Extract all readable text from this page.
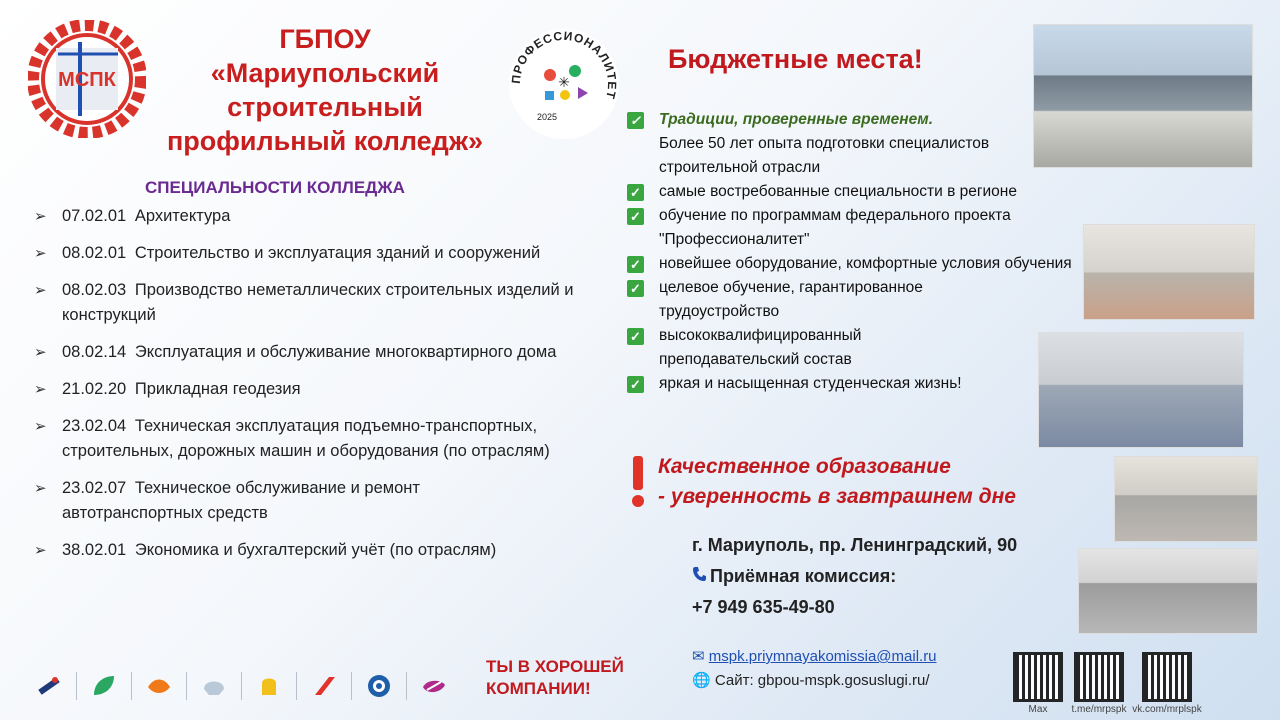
МСПК
ГБПОУ
«Мариупольский
строительный
профильный колледж»
ПРОФЕССИОНАЛИТЕТ
✳
2025
СПЕЦИАЛЬНОСТИ КОЛЛЕДЖА
➢ 07.02.01 Архитектура
➢ 08.02.01 Строительство и эксплуатация зданий и сооружений
➢ 08.02.03 Производство неметаллических строительных изделий и конструкций
➢ 08.02.14 Эксплуатация и обслуживание многоквартирного дома
➢ 21.02.20 Прикладная геодезия
➢ 23.02.04 Техническая эксплуатация подъемно-транспортных, строительных, дорожных машин и оборудования (по отраслям)
➢ 23.02.07 Техническое обслуживание и ремонт автотранспортных средств
➢ 38.02.01 Экономика и бухгалтерский учёт (по отраслям)
Бюджетные места!
✓ Традиции, проверенные временем.
Более 50 лет опыта подготовки специалистов строительной отрасли
✓ самые востребованные специальности в регионе
✓ обучение по программам федерального проекта "Профессионалитет"
✓ новейшее оборудование, комфортные условия обучения
✓ целевое обучение, гарантированное трудоустройство
✓ высококвалифицированный преподавательский состав
✓ яркая и насыщенная студенческая жизнь!
Качественное образование
- уверенность в завтрашнем дне
г. Мариуполь, пр. Ленинградский, 90
Приёмная комиссия:
+7 949 635-49-80
✉ mspk.priymnayakomissia@mail.ru
🌐 Сайт: gbpou-mspk.gosuslugi.ru/
Max	t.me/mrpspk vk.com/mrplspk
ТЫ В ХОРОШЕЙ
КОМПАНИИ!
